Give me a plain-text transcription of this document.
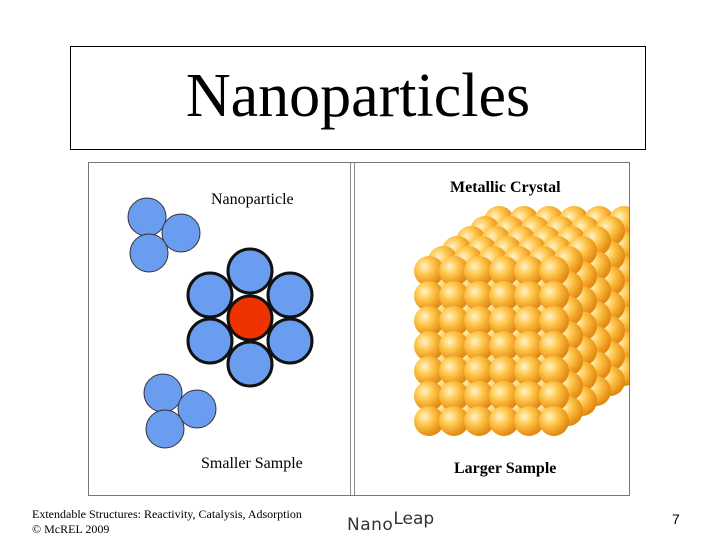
Nanoparticles
Nanoparticle
Metallic Crystal
Smaller Sample	Larger Sample
Extendable Structures: Reactivity, Catalysis, Adsorption
© McREL 2009	NanoLeap	7
